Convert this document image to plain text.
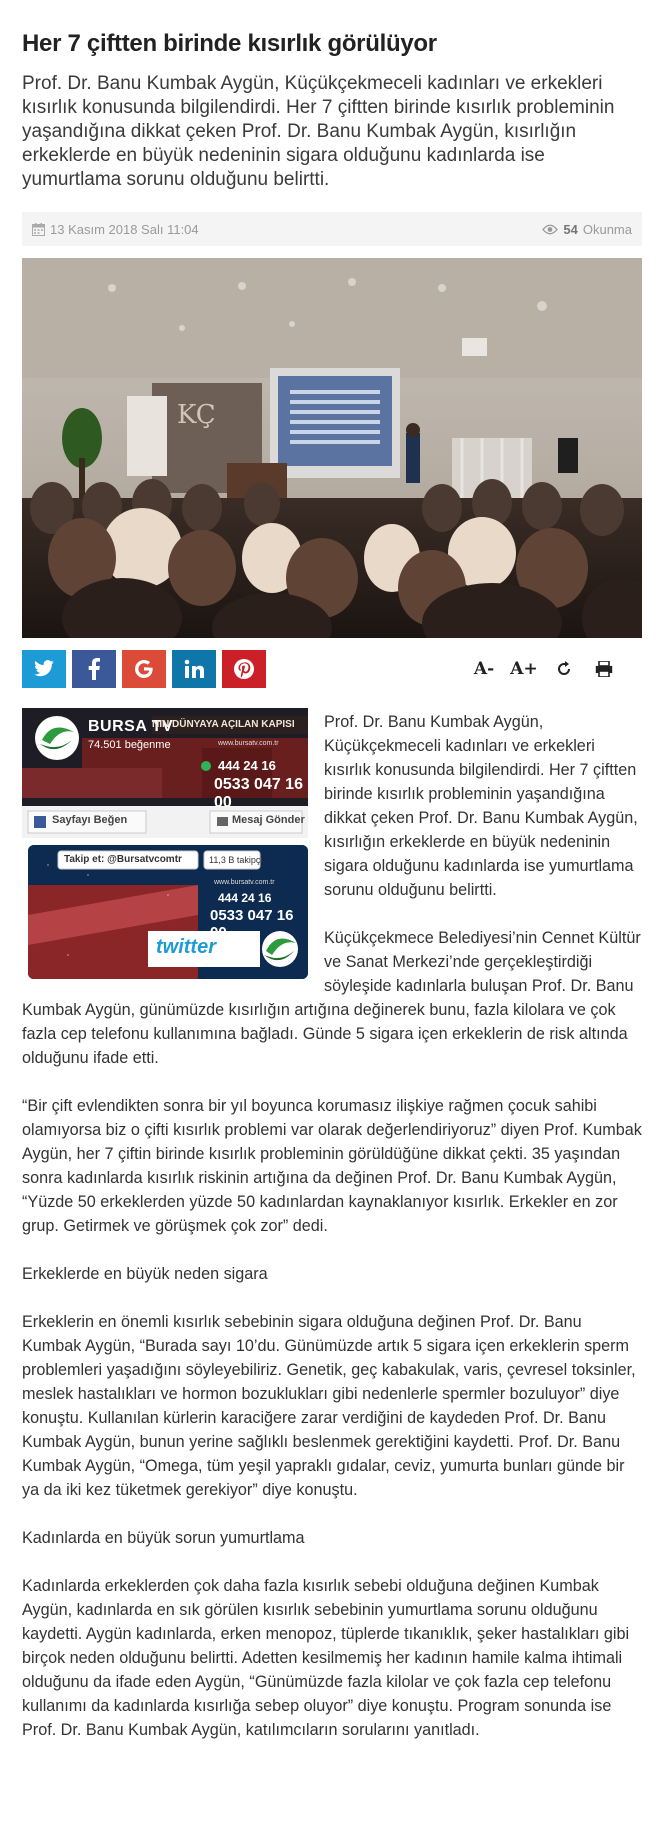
Her 7 çiftten birinde kısırlık görülüyor
Prof. Dr. Banu Kumbak Aygün, Küçükçekmeceli kadınları ve erkekleri kısırlık konusunda bilgilendirdi. Her 7 çiftten birinde kısırlık probleminin yaşandığına dikkat çeken Prof. Dr. Banu Kumbak Aygün, kısırlığın erkeklerde en büyük nedeninin sigara olduğunu kadınlarda ise yumurtlama sorunu olduğunu belirtti.
13 Kasım 2018 Salı 11:04	54 Okunma
KÇ
A- A+

Prof. Dr. Banu Kumbak Aygün, Küçükçekmeceli kadınları ve erkekleri kısırlık konusunda bilgilendirdi. Her 7 çiftten birinde kısırlık probleminin yaşandığına dikkat çeken Prof. Dr. Banu Kumbak Aygün, kısırlığın erkeklerde en büyük nedeninin sigara olduğunu kadınlarda ise yumurtlama sorunu olduğunu belirtti.

Küçükçekmece Belediyesi’nin Cennet Kültür ve Sanat Merkezi’nde gerçekleştirdiği söyleşide kadınlarla buluşan Prof. Dr. Banu Kumbak Aygün, günümüzde kısırlığın artığına değinerek bunu, fazla kilolara ve çok fazla cep telefonu kullanımına bağladı. Günde 5 sigara içen erkeklerin de risk altında olduğunu ifade etti.

“Bir çift evlendikten sonra bir yıl boyunca korumasız ilişkiye rağmen çocuk sahibi olamıyorsa biz o çifti kısırlık problemi var olarak değerlendiriyoruz” diyen Prof. Kumbak Aygün, her 7 çiftin birinde kısırlık probleminin görüldüğüne dikkat çekti. 35 yaşından sonra kadınlarda kısırlık riskinin artığına da değinen Prof. Dr. Banu Kumbak Aygün, “Yüzde 50 erkeklerden yüzde 50 kadınlardan kaynaklanıyor kısırlık. Erkekler en zor grup. Getirmek ve görüşmek çok zor” dedi.

Erkeklerde en büyük neden sigara

Erkeklerin en önemli kısırlık sebebinin sigara olduğuna değinen Prof. Dr. Banu Kumbak Aygün, “Burada sayı 10’du. Günümüzde artık 5 sigara içen erkeklerin sperm problemleri yaşadığını söyleyebiliriz. Genetik, geç kabakulak, varis, çevresel toksinler, meslek hastalıkları ve hormon bozuklukları gibi nedenlerle spermler bozuluyor” diye konuştu. Kullanılan kürlerin karaciğere zarar verdiğini de kaydeden Prof. Dr. Banu Kumbak Aygün, bunun yerine sağlıklı beslenmek gerektiğini kaydetti. Prof. Dr. Banu Kumbak Aygün, “Omega, tüm yeşil yapraklı gıdalar, ceviz, yumurta bunları günde bir ya da iki kez tüketmek gerekiyor” diye konuştu.

Kadınlarda en büyük sorun yumurtlama

Kadınlarda erkeklerden çok daha fazla kısırlık sebebi olduğuna değinen Kumbak Aygün, kadınlarda en sık görülen kısırlık sebebinin yumurtlama sorunu olduğunu kaydetti. Aygün kadınlarda, erken menopoz, tüplerde tıkanıklık, şeker hastalıkları gibi birçok neden olduğunu belirtti. Adetten kesilmemiş her kadının hamile kalma ihtimali olduğunu da ifade eden Aygün, “Günümüzde fazla kilolar ve çok fazla cep telefonu kullanımı da kadınlarda kısırlığa sebep oluyor” diye konuştu. Program sonunda ise Prof. Dr. Banu Kumbak Aygün, katılımcıların sorularını yanıtladı.

BURSA TV
74.501 beğenme
NIN DÜNYAYA AÇILAN KAPISI
www.bursatv.com.tr
444 24 16
0533 047 16 00
Sayfayı Beğen	Mesaj Gönder
Takip et: @Bursatvcomtr	11,3 B takipçi
www.bursatv.com.tr
444 24 16
0533 047 16 00
twitter
